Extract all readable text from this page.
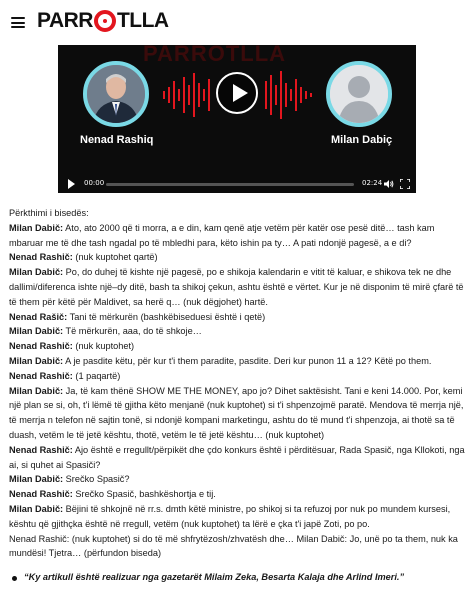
PARR TLLA
PARROTLLA
Nenad Rashiq	Milan Dabiç
00:00	02:24

Përkthimi i bisedës:

Milan Dabič: Ato, ato 2000 që ti morra, a e din, kam qenë atje vetëm për katër ose pesë ditë… tash kam mbaruar me të dhe tash ngadal po të mbledhi para, këto ishin pa ty… A pati ndonjë pagesë, a e di?

Nenad Rashič: (nuk kuptohet qartë)

Milan Dabič: Po, do duhej të kishte një pagesë, po e shikoja kalendarin e vitit të kaluar, e shikova tek ne dhe dallimi/diferenca ishte një–dy ditë, bash ta shikoj çekun, ashtu është e vërtet. Kur je në disponim të mirë çfarë të të them për këtë për Maldivet, sa herë q… (nuk dëgjohet) hartë.

Nenad Rašič: Tani të mërkurën (bashkëbiseduesi është i qetë)

Milan Dabič: Të mërkurën, aaa, do të shkoje…

Nenad Rashič: (nuk kuptohet)

Milan Dabič: A je pasdite këtu, për kur t'i them paradite, pasdite. Deri kur punon 11 a 12? Këtë po them.

Nenad Rashič: (1 paqartë)

Milan Dabič: Ja, të kam thënë SHOW ME THE MONEY, apo jo? Dihet saktësisht. Tani e keni 14.000. Por, kemi një plan se si, oh, t'i lëmë të gjitha këto menjanë (nuk kuptohet) si t'i shpenzojmë paratë. Mendova të merrja një, të merrja n telefon në sajtin tonë, si ndonjë kompani marketingu, ashtu do të mund t'i shpenzoja, ai thotë sa të duash, vetëm le të jetë kështu, thotë, vetëm le të jetë kështu… (nuk kuptohet)

Nenad Rashič: Ajo është e rregullt/përpikët dhe çdo konkurs është i përditësuar, Rada Spasič, nga Kllokoti, nga ai, si quhet ai Spasiči?

Milan Dabič: Srečko Spasič?

Nenad Rashič: Srečko Spasič, bashkëshortja e tij.

Milan Dabič: Bëjini të shkojnë në rr.s. dmth këtë ministre, po shikoj si ta refuzoj por nuk po mundem kursesi, kështu që gjithçka është në rregull, vetëm (nuk kuptohet) ta lërë e çka t'i japë Zoti, po po.

Nenad Rashič: (nuk kuptohet) si do të më shfrytëzosh/zhvatësh dhe… Milan Dabič: Jo, unë po ta them, nuk ka mundësi! Tjetra… (përfundon biseda)

“Ky artikull është realizuar nga gazetarët Milaim Zeka, Besarta Kalaja dhe Arlind Imeri.”
